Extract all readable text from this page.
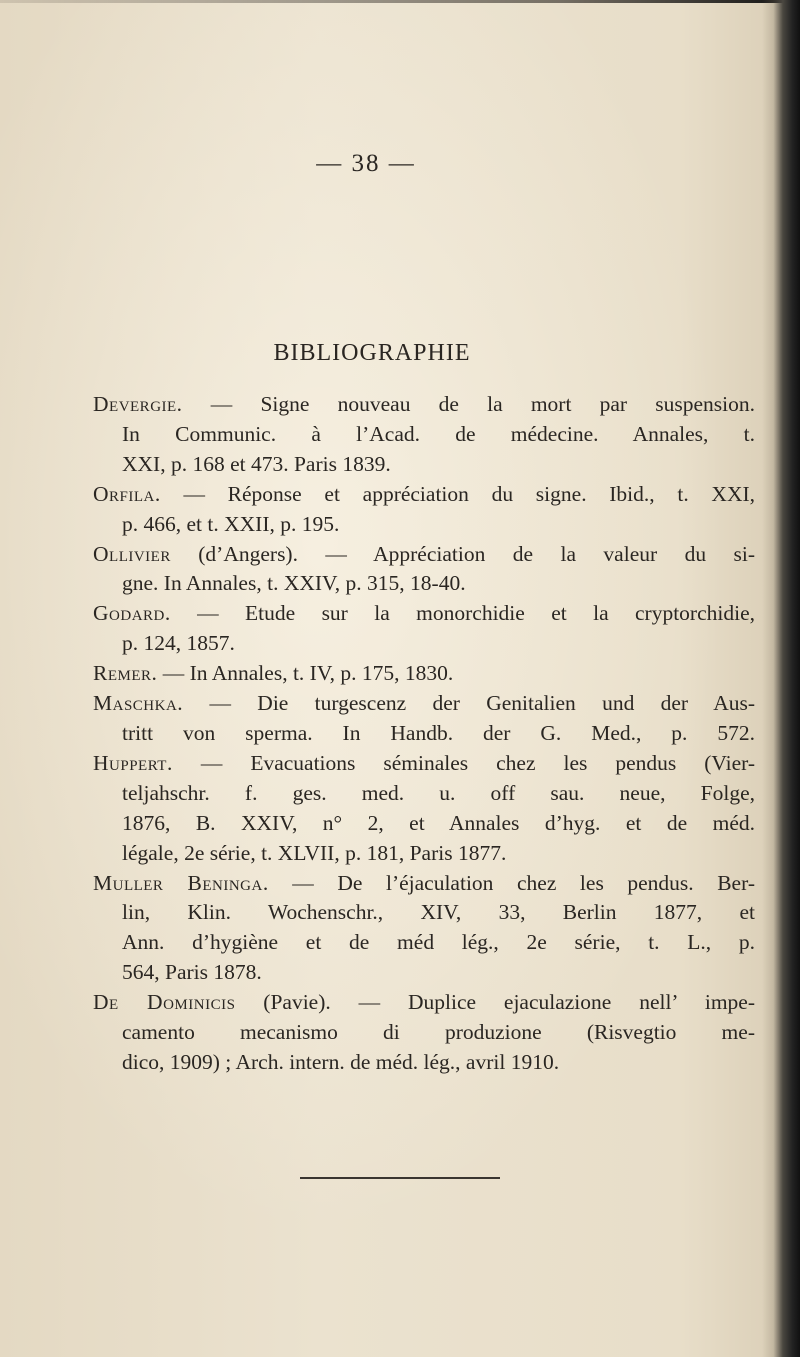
— 38 —
BIBLIOGRAPHIE
Devergie. — Signe nouveau de la mort par suspension.
In Communic. à l’Acad. de médecine. Annales, t.
XXI, p. 168 et 473. Paris 1839.
Orfila. — Réponse et appréciation du signe. Ibid., t. XXI,
p. 466, et t. XXII, p. 195.
Ollivier (d’Angers). — Appréciation de la valeur du si-
gne. In Annales, t. XXIV, p. 315, 18-40.
Godard. — Etude sur la monorchidie et la cryptorchidie,
p. 124, 1857.
Remer. — In Annales, t. IV, p. 175, 1830.
Maschka. — Die turgescenz der Genitalien und der Aus-
tritt von sperma. In Handb. der G. Med., p. 572.
Huppert. — Evacuations séminales chez les pendus (Vier-
teljahschr. f. ges. med. u. off sau. neue, Folge,
1876, B. XXIV, n° 2, et Annales d’hyg. et de méd.
légale, 2e série, t. XLVII, p. 181, Paris 1877.
Muller Beninga. — De l’éjaculation chez les pendus. Ber-
lin, Klin. Wochenschr., XIV, 33, Berlin 1877, et
Ann. d’hygiène et de méd lég., 2e série, t. L., p.
564, Paris 1878.
De Dominicis (Pavie). — Duplice ejaculazione nell’ impe-
camento mecanismo di produzione (Risvegtio me-
dico, 1909) ; Arch. intern. de méd. lég., avril 1910.
